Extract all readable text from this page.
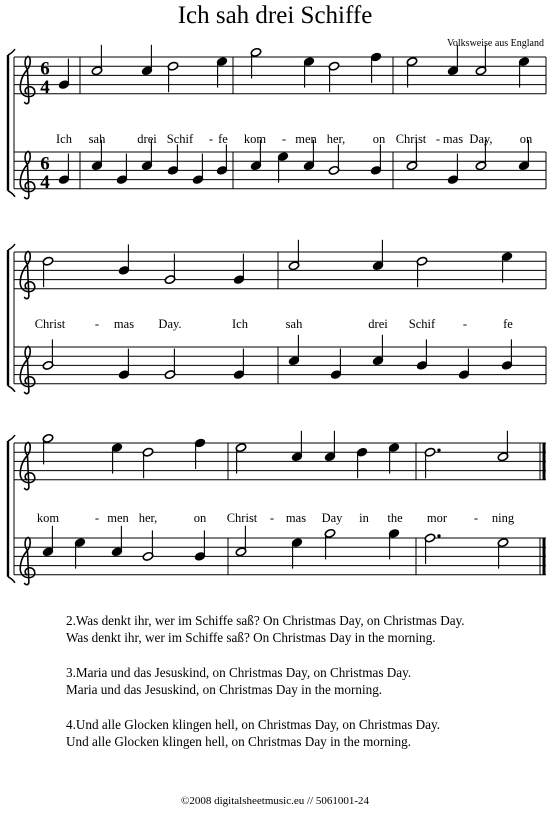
Ich sah drei Schiffe
Volksweise aus England
6
4
6
4
Ich sah	drei Schif - fe kom - men her, on Christ - mas Day, on
Christ - mas Day.	Ich	sah	drei Schif -	fe
kom	- men her,	on Christ - mas Day in the mor - ning
2.Was denkt ihr, wer im Schiffe saß? On Christmas Day, on Christmas Day.
Was denkt ihr, wer im Schiffe saß? On Christmas Day in the morning.
3.Maria und das Jesuskind, on Christmas Day, on Christmas Day.
Maria und das Jesuskind, on Christmas Day in the morning.
4.Und alle Glocken klingen hell, on Christmas Day, on Christmas Day.
Und alle Glocken klingen hell, on Christmas Day in the morning.
©2008 digitalsheetmusic.eu // 5061001-24
